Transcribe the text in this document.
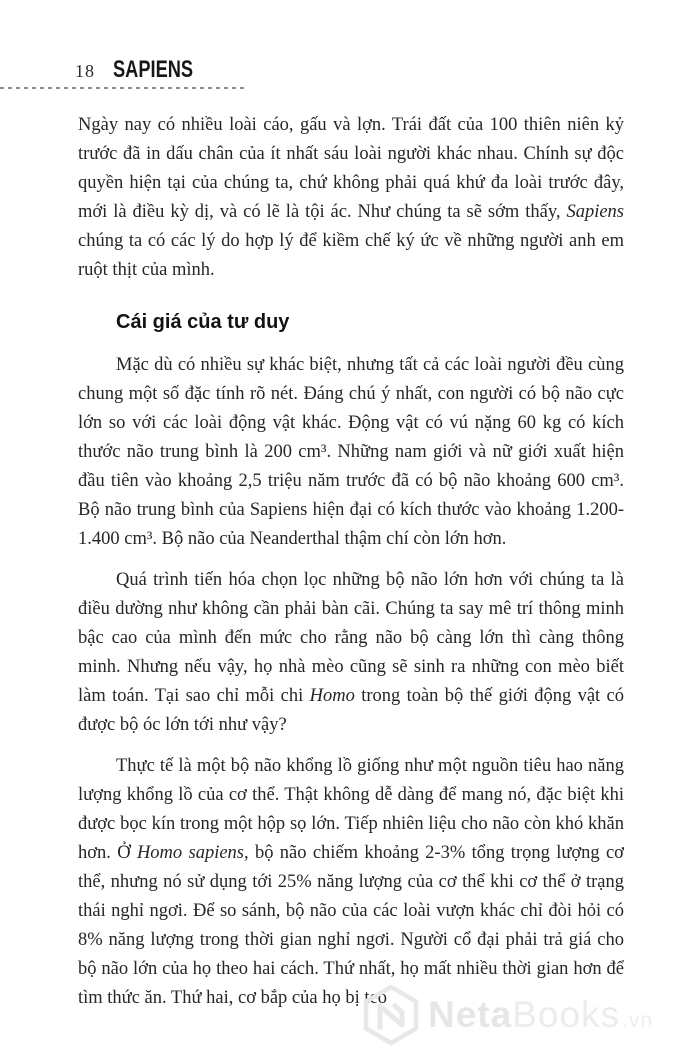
18 SAPIENS

Ngày nay có nhiều loài cáo, gấu và lợn. Trái đất của 100 thiên niên kỷ trước đã in dấu chân của ít nhất sáu loài người khác nhau. Chính sự độc quyền hiện tại của chúng ta, chứ không phải quá khứ đa loài trước đây, mới là điều kỳ dị, và có lẽ là tội ác. Như chúng ta sẽ sớm thấy, Sapiens chúng ta có các lý do hợp lý để kiềm chế ký ức về những người anh em ruột thịt của mình.

Cái giá của tư duy

Mặc dù có nhiều sự khác biệt, nhưng tất cả các loài người đều cùng chung một số đặc tính rõ nét. Đáng chú ý nhất, con người có bộ não cực lớn so với các loài động vật khác. Động vật có vú nặng 60 kg có kích thước não trung bình là 200 cm³. Những nam giới và nữ giới xuất hiện đầu tiên vào khoảng 2,5 triệu năm trước đã có bộ não khoảng 600 cm³. Bộ não trung bình của Sapiens hiện đại có kích thước vào khoảng 1.200-1.400 cm³. Bộ não của Neanderthal thậm chí còn lớn hơn.

Quá trình tiến hóa chọn lọc những bộ não lớn hơn với chúng ta là điều dường như không cần phải bàn cãi. Chúng ta say mê trí thông minh bậc cao của mình đến mức cho rằng não bộ càng lớn thì càng thông minh. Nhưng nếu vậy, họ nhà mèo cũng sẽ sinh ra những con mèo biết làm toán. Tại sao chỉ mỗi chi Homo trong toàn bộ thế giới động vật có được bộ óc lớn tới như vậy?

Thực tế là một bộ não khổng lồ giống như một nguồn tiêu hao năng lượng khổng lồ của cơ thể. Thật không dễ dàng để mang nó, đặc biệt khi được bọc kín trong một hộp sọ lớn. Tiếp nhiên liệu cho não còn khó khăn hơn. Ở Homo sapiens, bộ não chiếm khoảng 2-3% tổng trọng lượng cơ thể, nhưng nó sử dụng tới 25% năng lượng của cơ thể khi cơ thể ở trạng thái nghỉ ngơi. Để so sánh, bộ não của các loài vượn khác chỉ đòi hỏi có 8% năng lượng trong thời gian nghỉ ngơi. Người cổ đại phải trả giá cho bộ não lớn của họ theo hai cách. Thứ nhất, họ mất nhiều thời gian hơn để tìm thức ăn. Thứ hai, cơ bắp của họ bị teo	Neta Books .vn
